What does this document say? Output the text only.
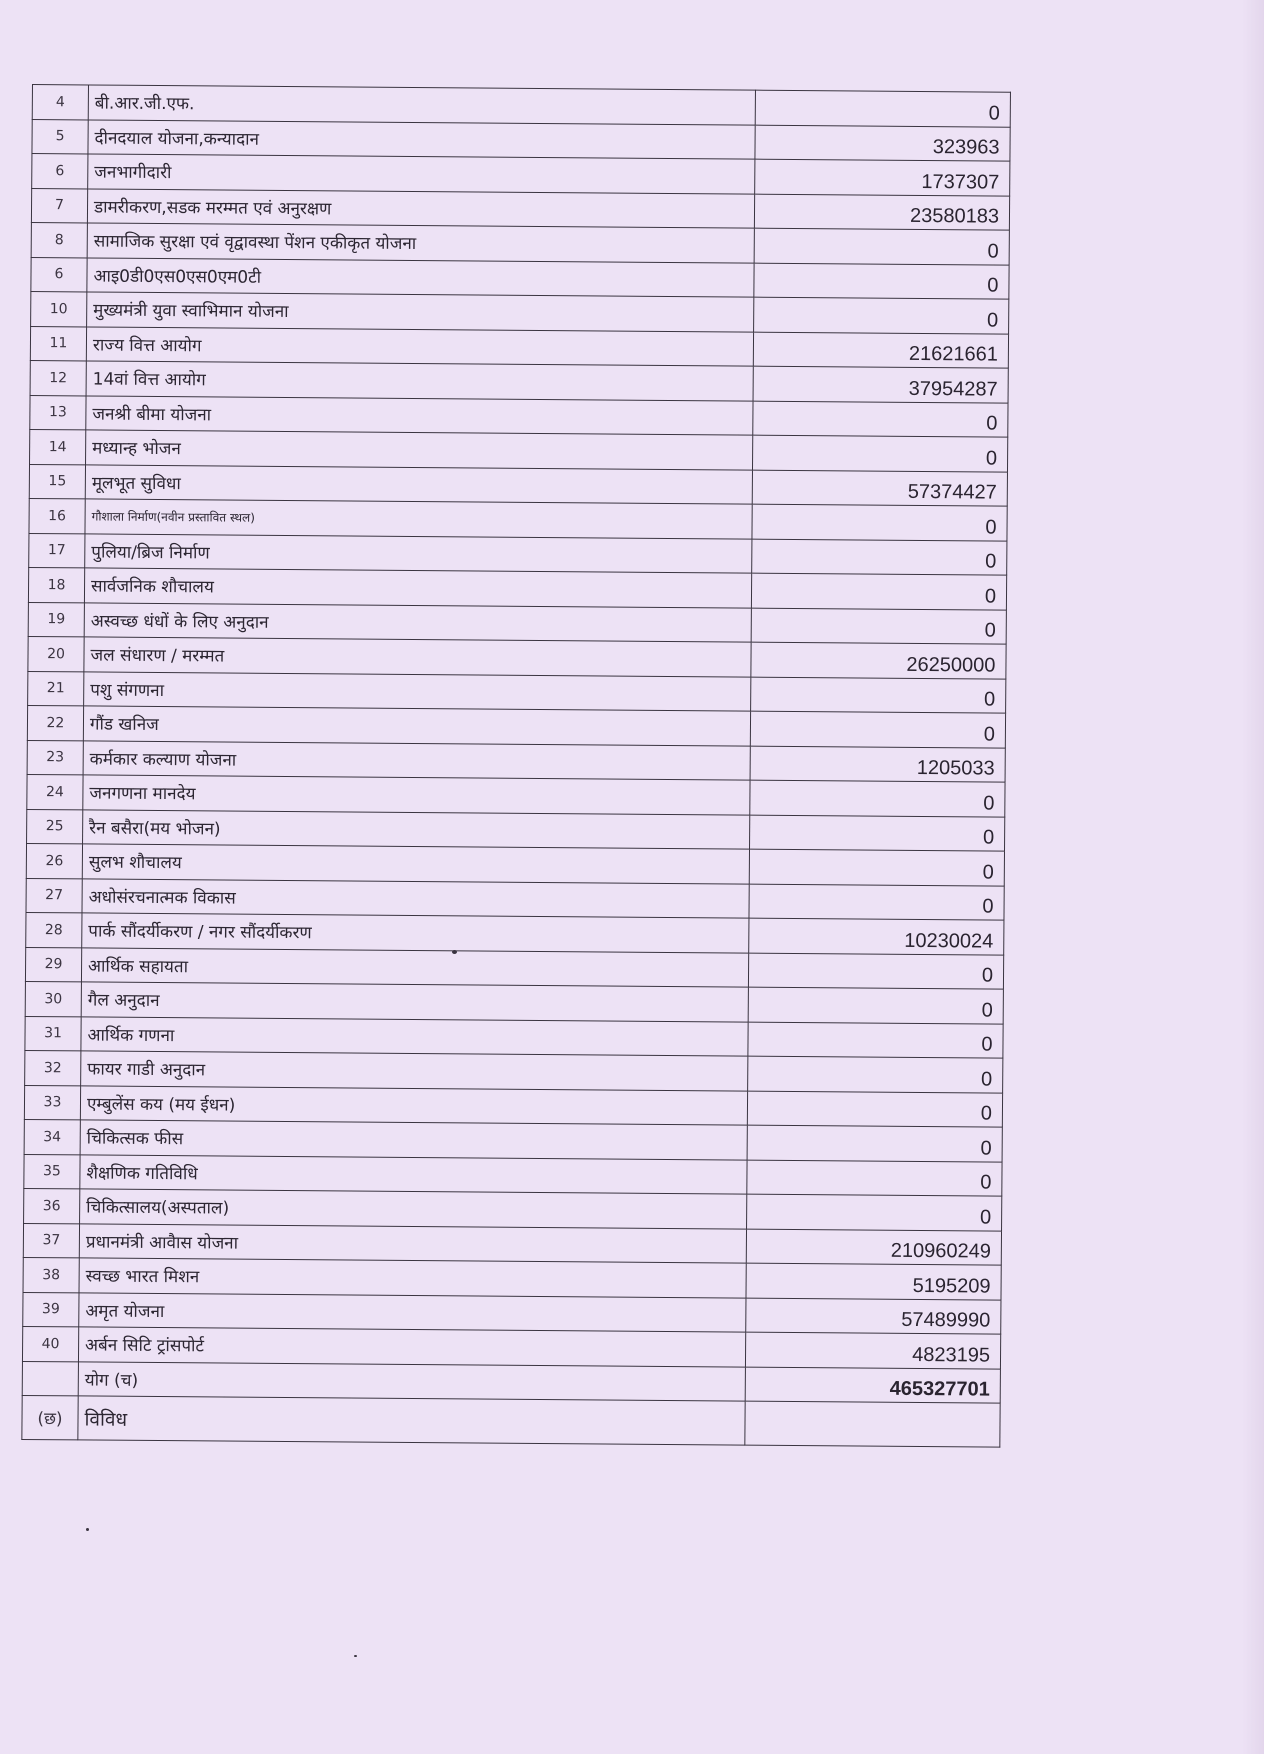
4	बी.आर.जी.एफ.	0
5	दीनदयाल योजना,कन्यादान	323963
6	जनभागीदारी	1737307
7	डामरीकरण,सडक मरम्मत एवं अनुरक्षण	23580183
8	सामाजिक सुरक्षा एवं वृद्वावस्था पेंशन एकीकृत योजना	0
6	आइ0डी0एस0एस0एम0टी	0
10	मुख्यमंत्री युवा स्वाभिमान योजना	0
11	राज्य वित्त आयोग	21621661
12	14वां वित्त आयोग	37954287
13	जनश्री बीमा योजना	0
14	मध्यान्ह भोजन	0
15	मूलभूत सुविधा	57374427
16	गौशाला निर्माण(नवीन प्रस्तावित स्थल)	0
17	पुलिया/ब्रिज निर्माण	0
18	सार्वजनिक शौचालय	0
19	अस्वच्छ धंधों के लिए अनुदान	0
20	जल संधारण / मरम्मत	26250000
21	पशु संगणना	0
22	गौंड खनिज	0
23	कर्मकार कल्याण योजना	1205033
24	जनगणना मानदेय	0
25	रैन बसैरा(मय भोजन)	0
26	सुलभ शौचालय	0
27	अधोसंरचनात्मक विकास	0
28	पार्क सौंदर्यीकरण / नगर सौंदर्यीकरण	10230024
29	आर्थिक सहायता	0
30	गैल अनुदान	0
31	आर्थिक गणना	0
32	फायर गाडी अनुदान	0
33	एम्बुलेंस कय (मय ईधन)	0
34	चिकित्सक फीस	0
35	शैक्षणिक गतिविधि	0
36	चिकित्सालय(अस्पताल)	0
37	प्रधानमंत्री आवैास योजना	210960249
38	स्वच्छ भारत मिशन	5195209
39	अमृत योजना	57489990
40	अर्बन सिटि ट्रांसपोर्ट	4823195
	योग (च)	465327701
(छ)	विविध	
